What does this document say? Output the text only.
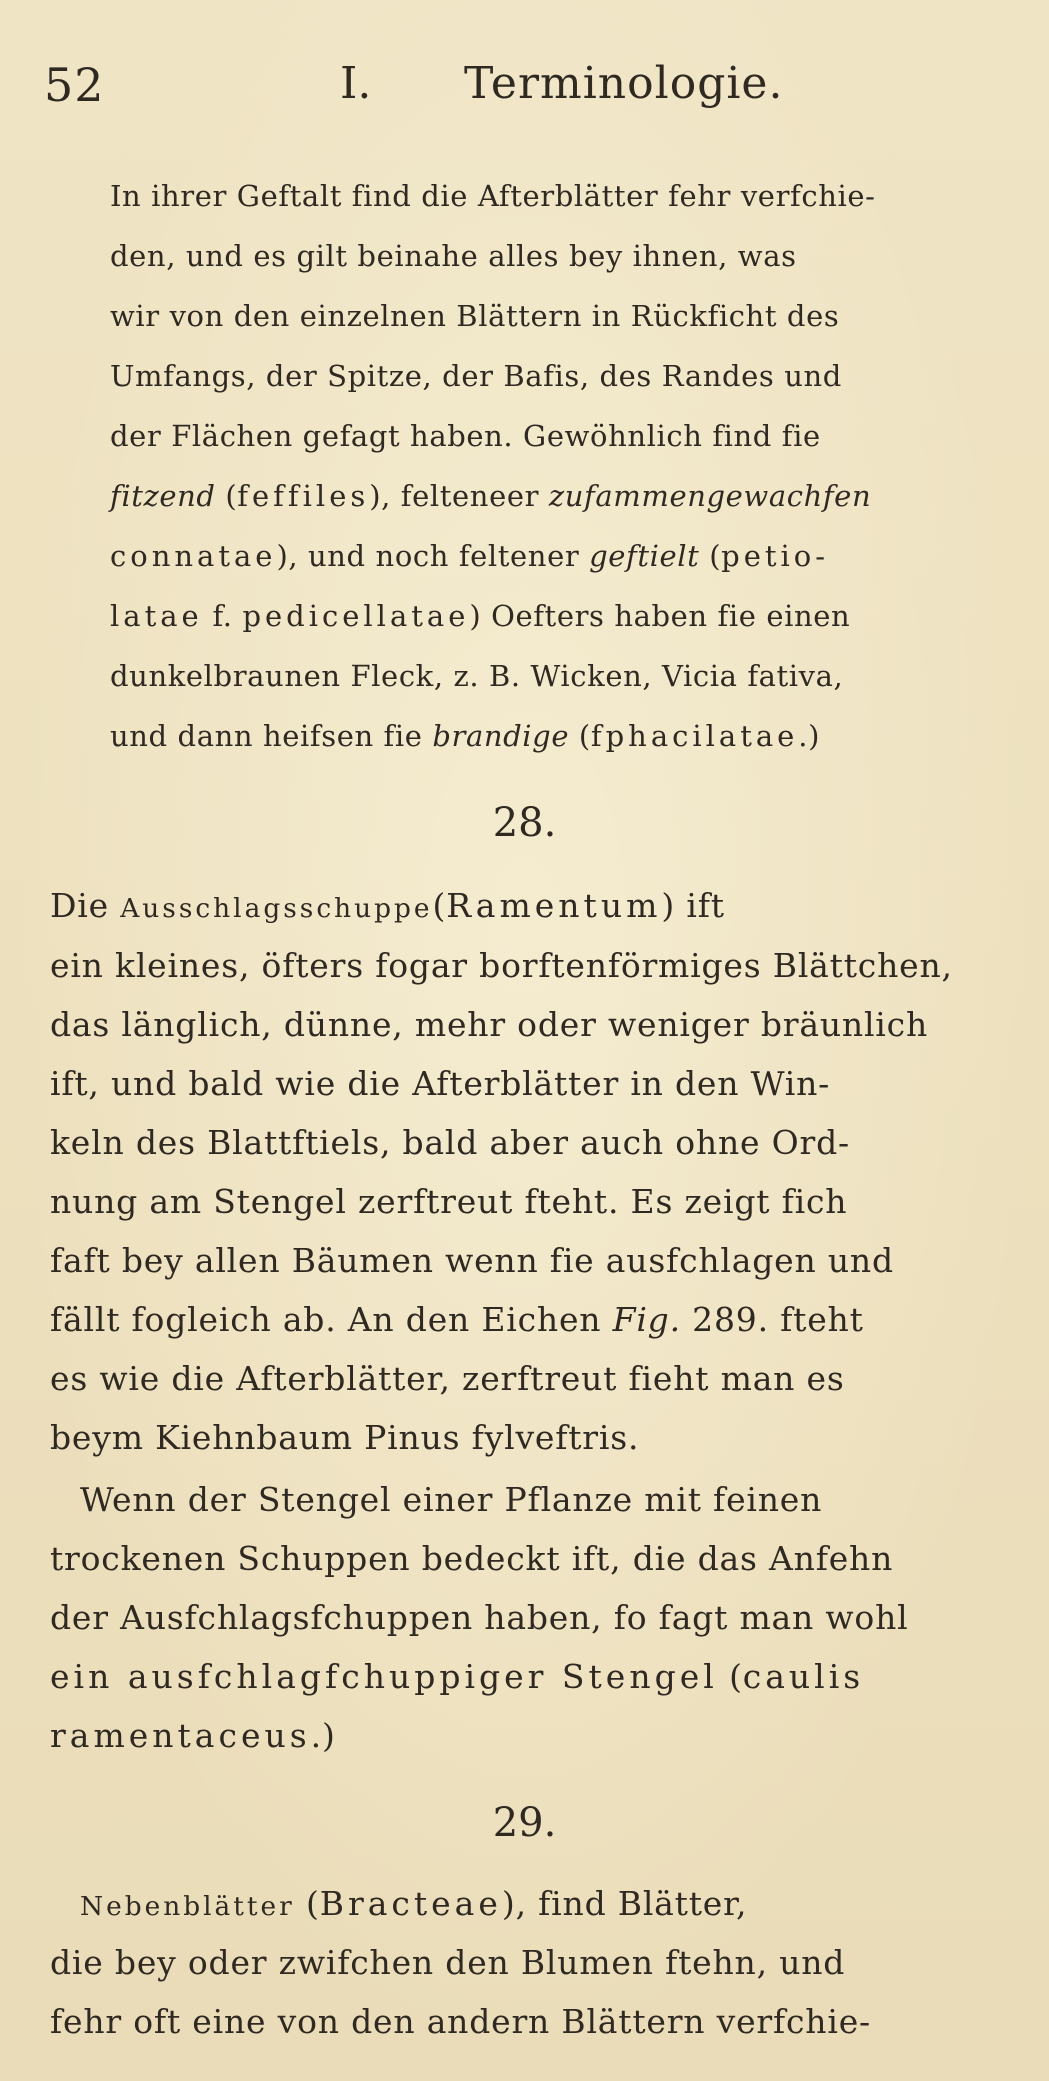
52	I. Terminologie.
In ihrer Geftalt find die Afterblätter fehr verfchie-
den, und es gilt beinahe alles bey ihnen, was
wir von den einzelnen Blättern in Rückficht des
Umfangs, der Spitze, der Bafis, des Randes und
der Flächen gefagt haben. Gewöhnlich find fie
fitzend (feffiles), felteneer zufammengewachfen
connatae), und noch feltener geftielt (petio-
latae f. pedicellatae) Oefters haben fie einen
dunkelbraunen Fleck, z. B. Wicken, Vicia fativa,
und dann heifsen fie brandige (fphacilatae.)
28.
Die Ausschlagsschuppe(Ramentum) ift
ein kleines, öfters fogar borftenförmiges Blättchen,
das länglich, dünne, mehr oder weniger bräunlich
ift, und bald wie die Afterblätter in den Win-
keln des Blattftiels, bald aber auch ohne Ord-
nung am Stengel zerftreut fteht. Es zeigt fich
faft bey allen Bäumen wenn fie ausfchlagen und
fällt fogleich ab. An den Eichen Fig. 289. fteht
es wie die Afterblätter, zerftreut fieht man es
beym Kiehnbaum Pinus fylveftris.
Wenn der Stengel einer Pflanze mit feinen
trockenen Schuppen bedeckt ift, die das Anfehn
der Ausfchlagsfchuppen haben, fo fagt man wohl
ein ausfchlagfchuppiger Stengel (caulis
ramentaceus.)
29.
Nebenblätter (Bracteae), find Blätter,
die bey oder zwifchen den Blumen ftehn, und
fehr oft eine von den andern Blättern verfchie-
